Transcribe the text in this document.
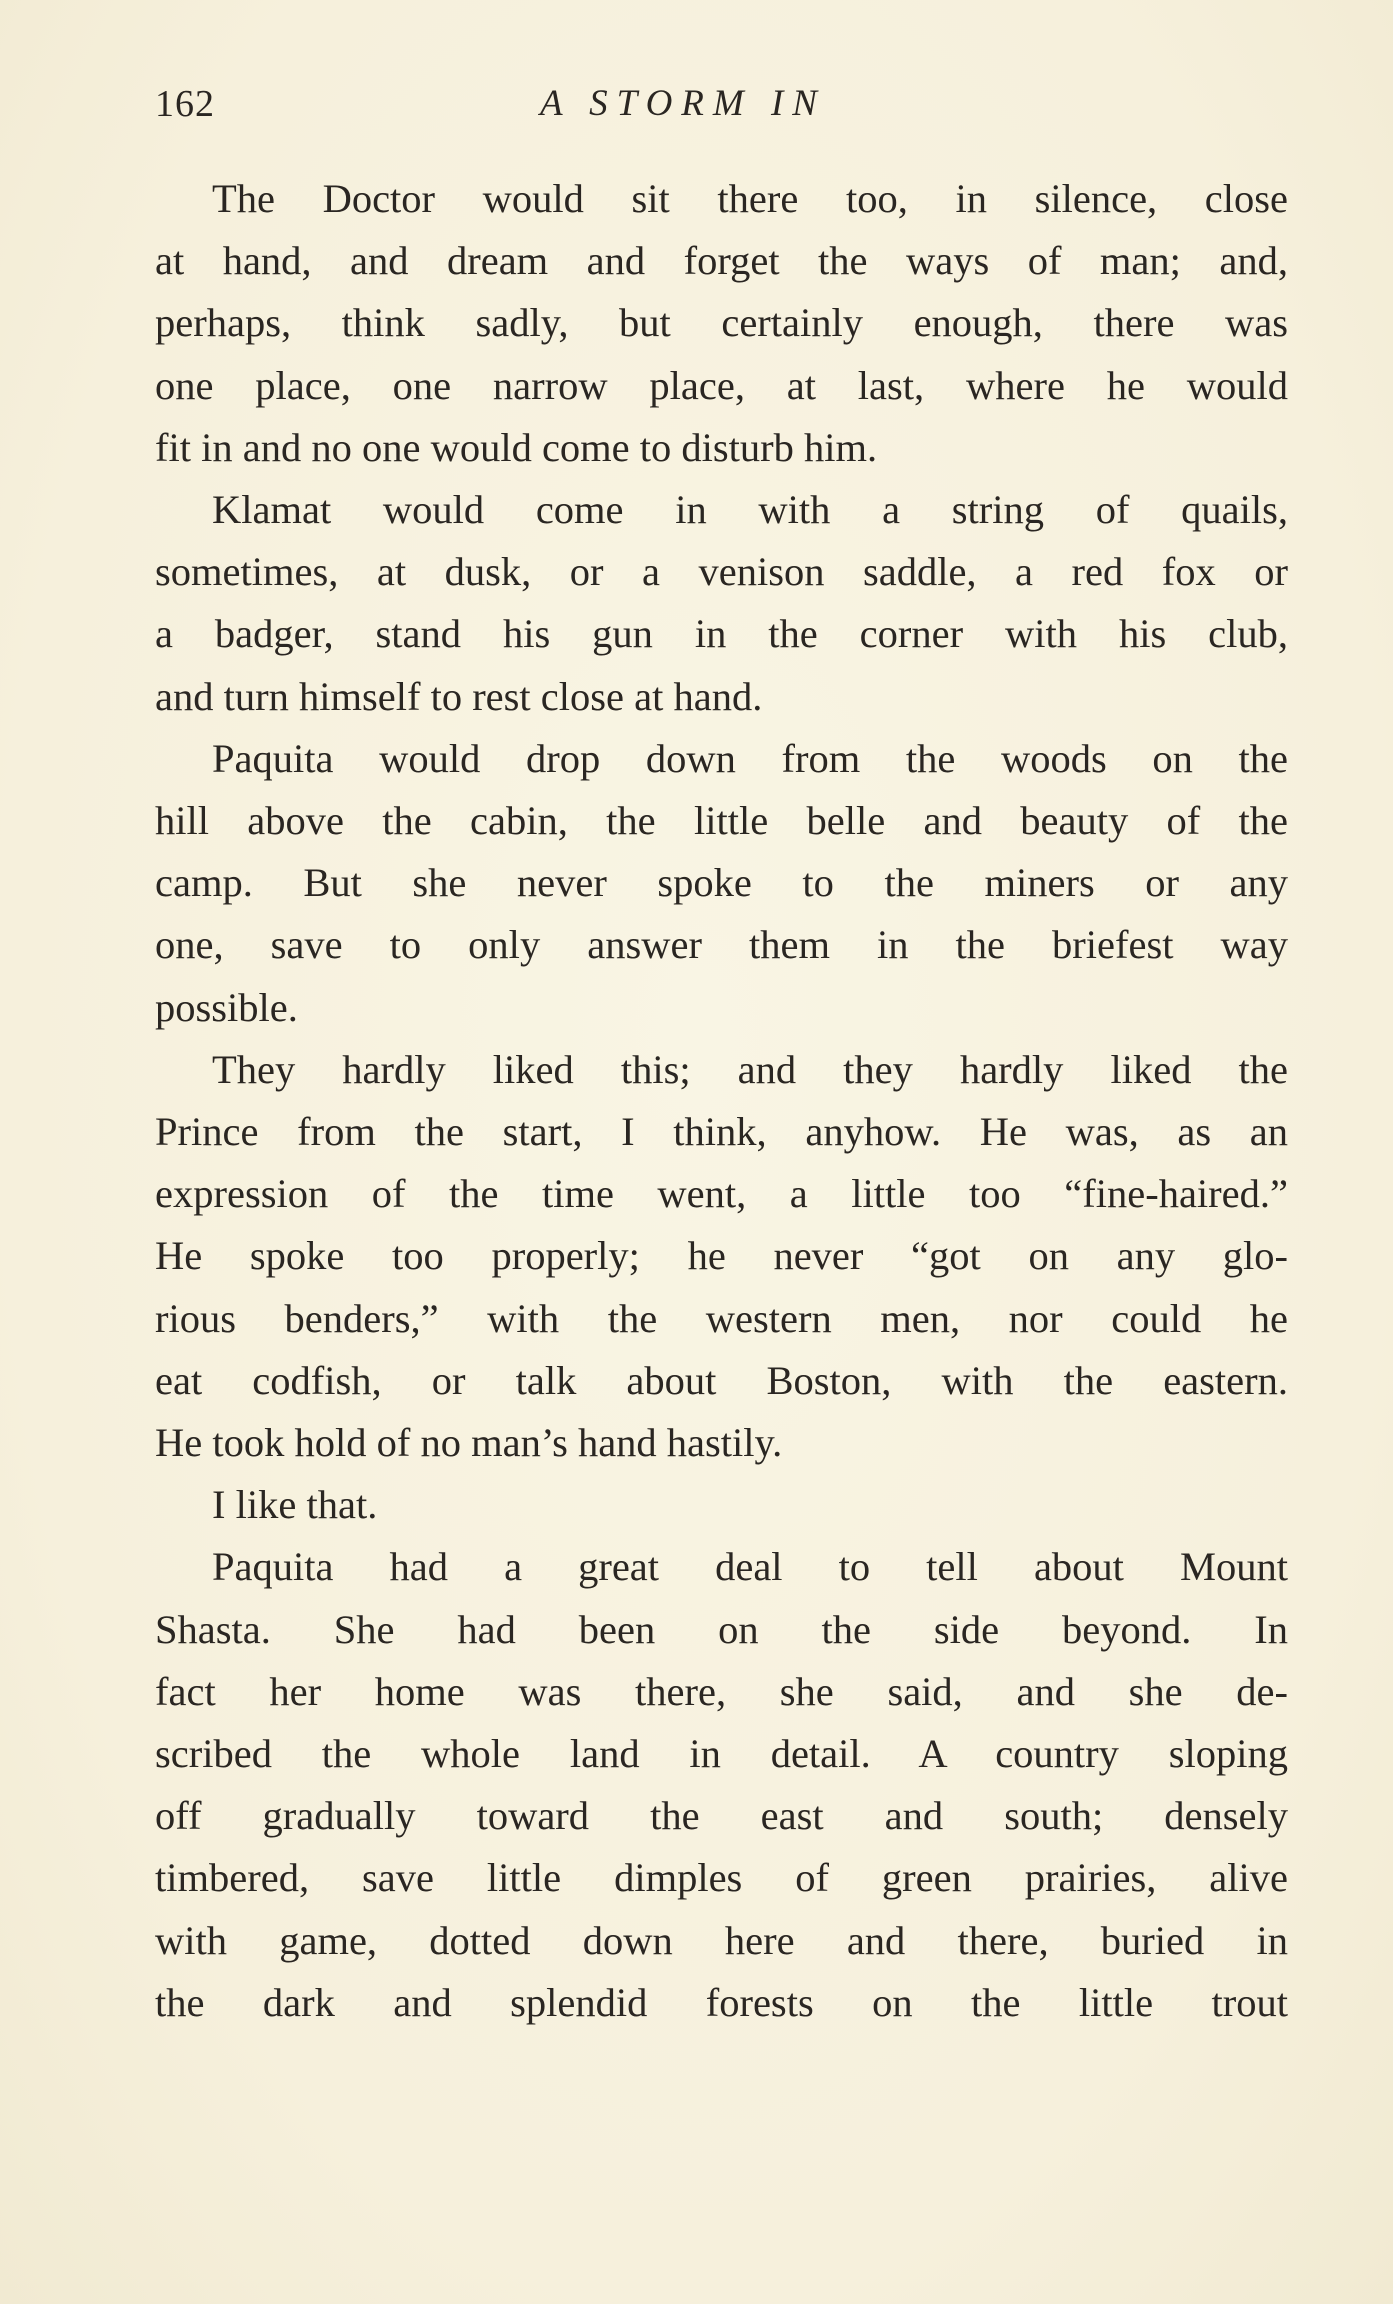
162	A STORM IN
The Doctor would sit there too, in silence, close
at hand, and dream and forget the ways of man; and,
perhaps, think sadly, but certainly enough, there was
one place, one narrow place, at last, where he would
fit in and no one would come to disturb him.
Klamat would come in with a string of quails,
sometimes, at dusk, or a venison saddle, a red fox or
a badger, stand his gun in the corner with his club,
and turn himself to rest close at hand.
Paquita would drop down from the woods on the
hill above the cabin, the little belle and beauty of the
camp. But she never spoke to the miners or any
one, save to only answer them in the briefest way
possible.
They hardly liked this; and they hardly liked the
Prince from the start, I think, anyhow. He was, as an
expression of the time went, a little too “fine-haired.”
He spoke too properly; he never “got on any glo-
rious benders,” with the western men, nor could he
eat codfish, or talk about Boston, with the eastern.
He took hold of no man’s hand hastily.
I like that.
Paquita had a great deal to tell about Mount
Shasta. She had been on the side beyond. In
fact her home was there, she said, and she de-
scribed the whole land in detail. A country sloping
off gradually toward the east and south; densely
timbered, save little dimples of green prairies, alive
with game, dotted down here and there, buried in
the dark and splendid forests on the little trout
